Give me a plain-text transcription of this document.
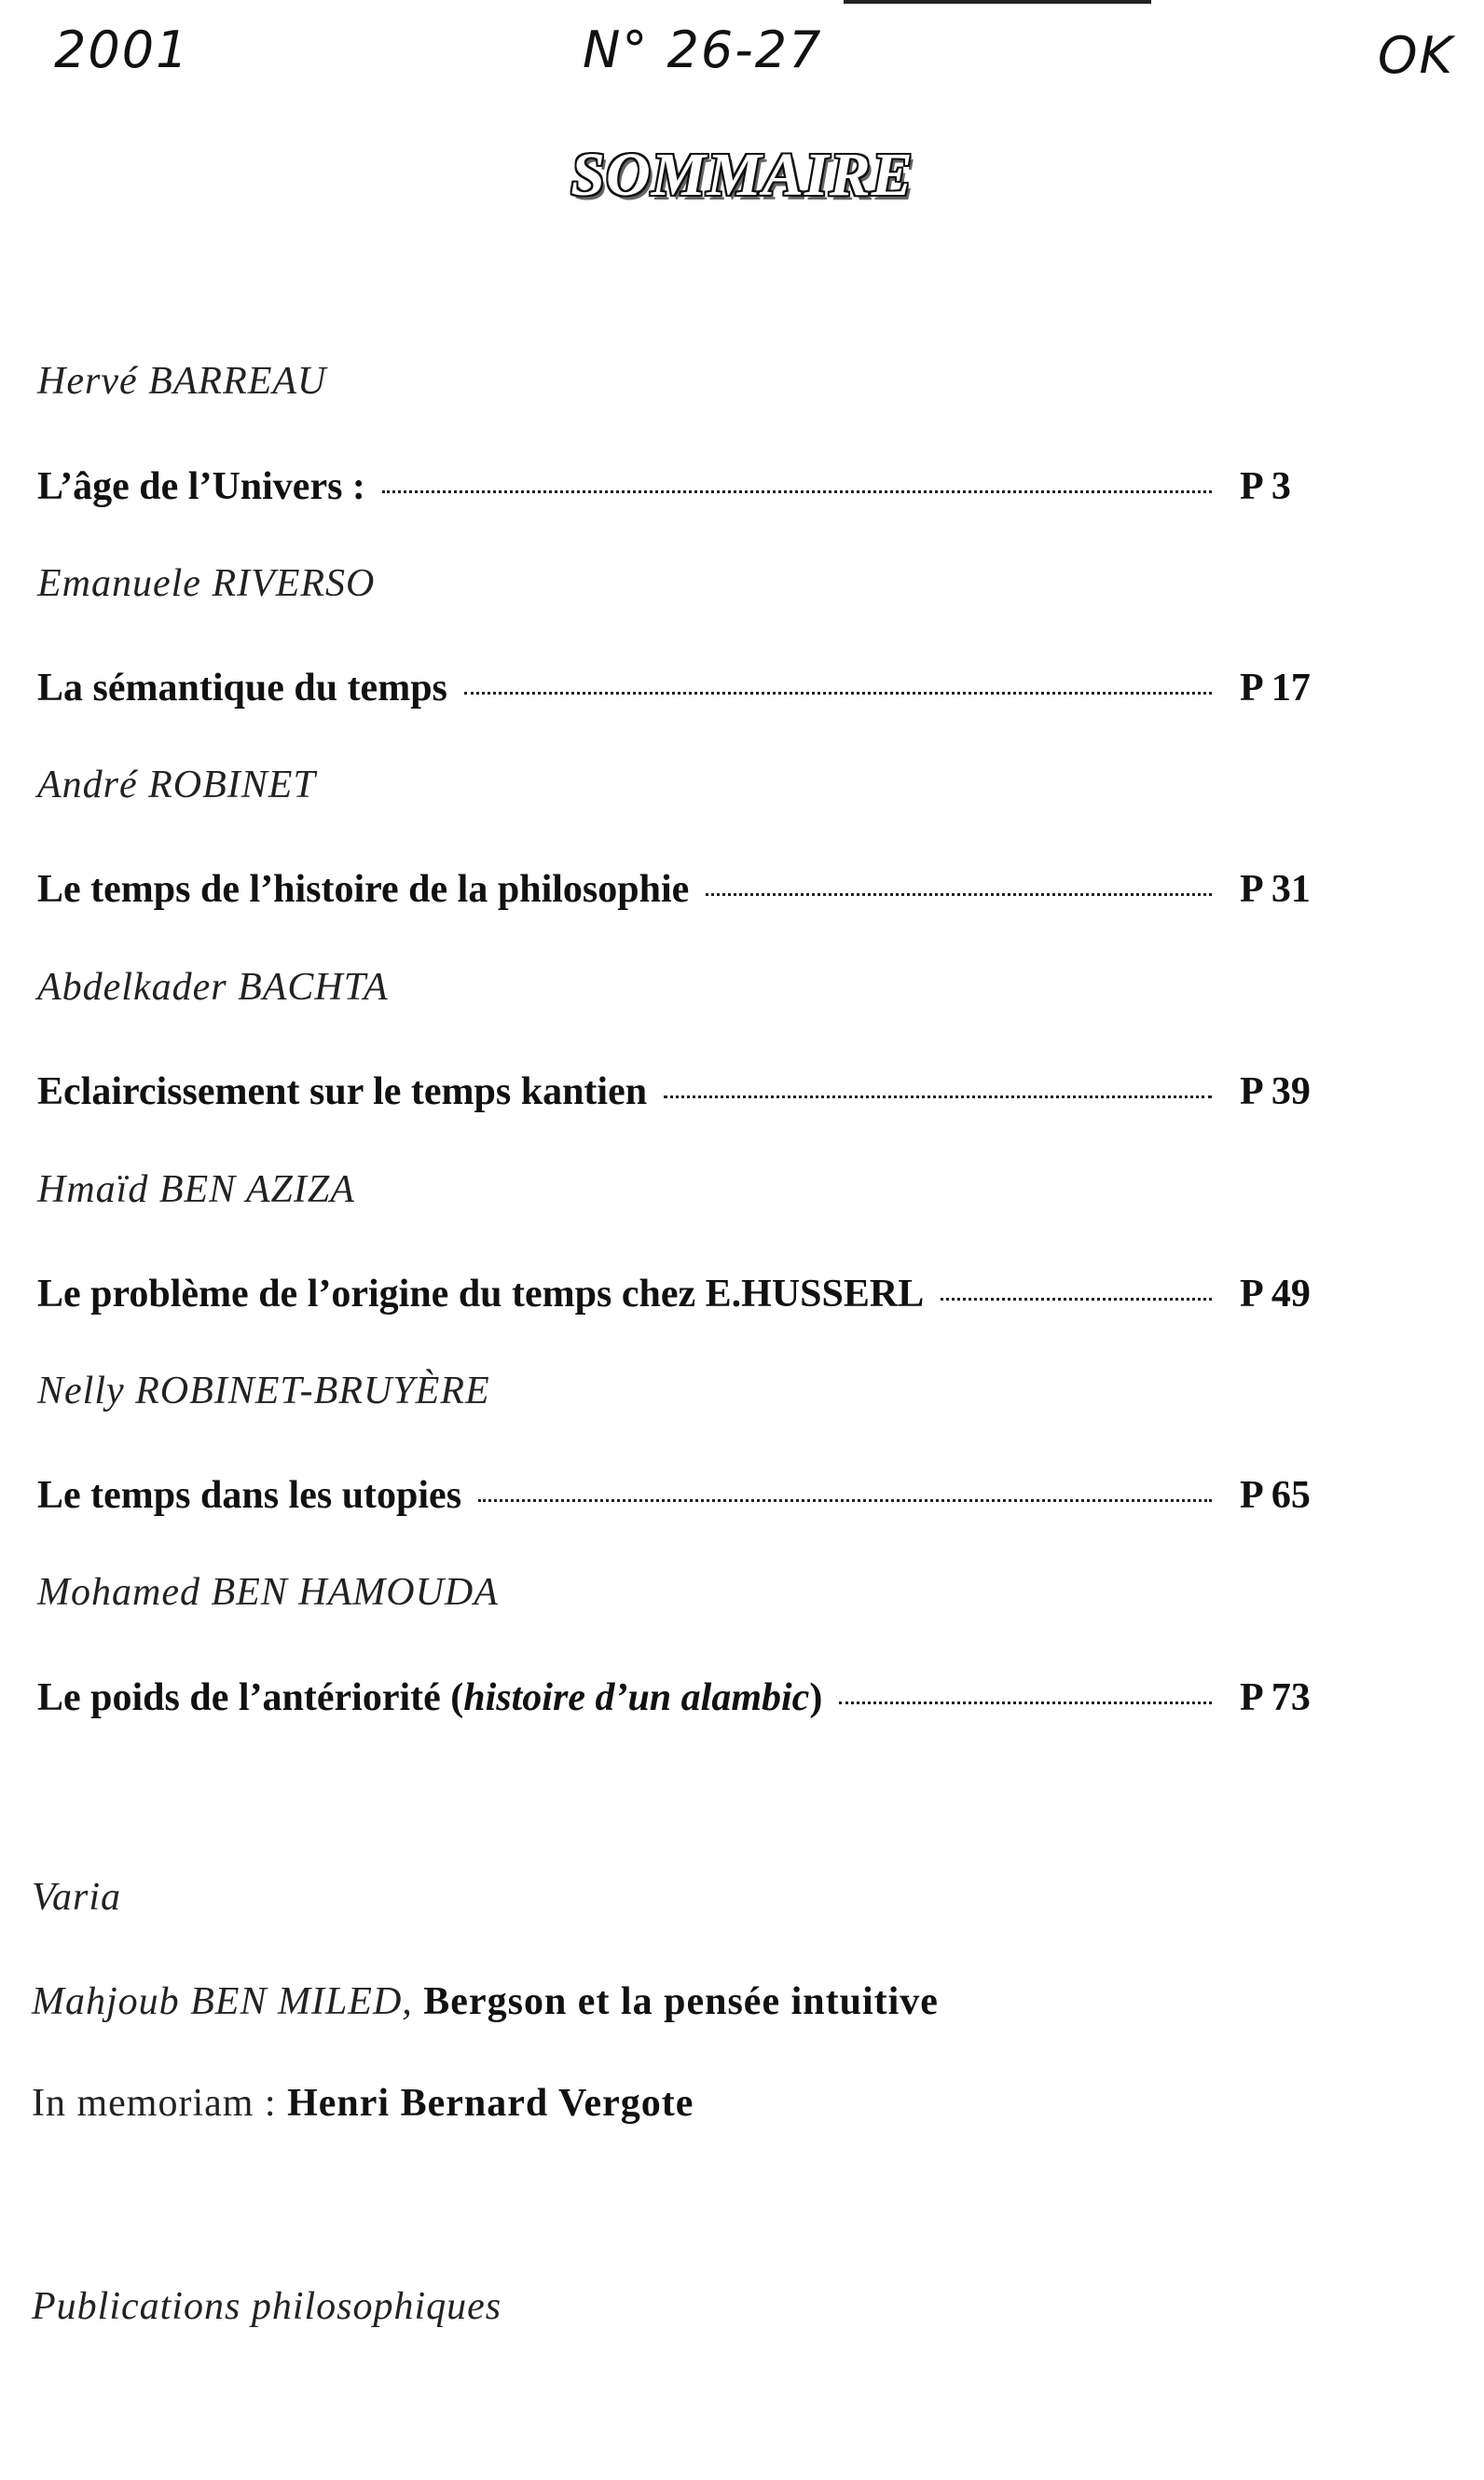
2001	N° 26-27	OK
SOMMAIRE
Hervé BARREAU
L’âge de l’Univers :	P 3
Emanuele RIVERSO
La sémantique du temps	P 17
André ROBINET
Le temps de l’histoire de la philosophie	P 31
Abdelkader BACHTA
Eclaircissement sur le temps kantien	P 39
Hmaïd BEN AZIZA
Le problème de l’origine du temps chez E.HUSSERL	P 49
Nelly ROBINET-BRUYÈRE
Le temps dans les utopies	P 65
Mohamed BEN HAMOUDA
Le poids de l’antériorité (histoire d’un alambic)	P 73
Varia
Mahjoub BEN MILED, Bergson et la pensée intuitive
In memoriam : Henri Bernard Vergote
Publications philosophiques
